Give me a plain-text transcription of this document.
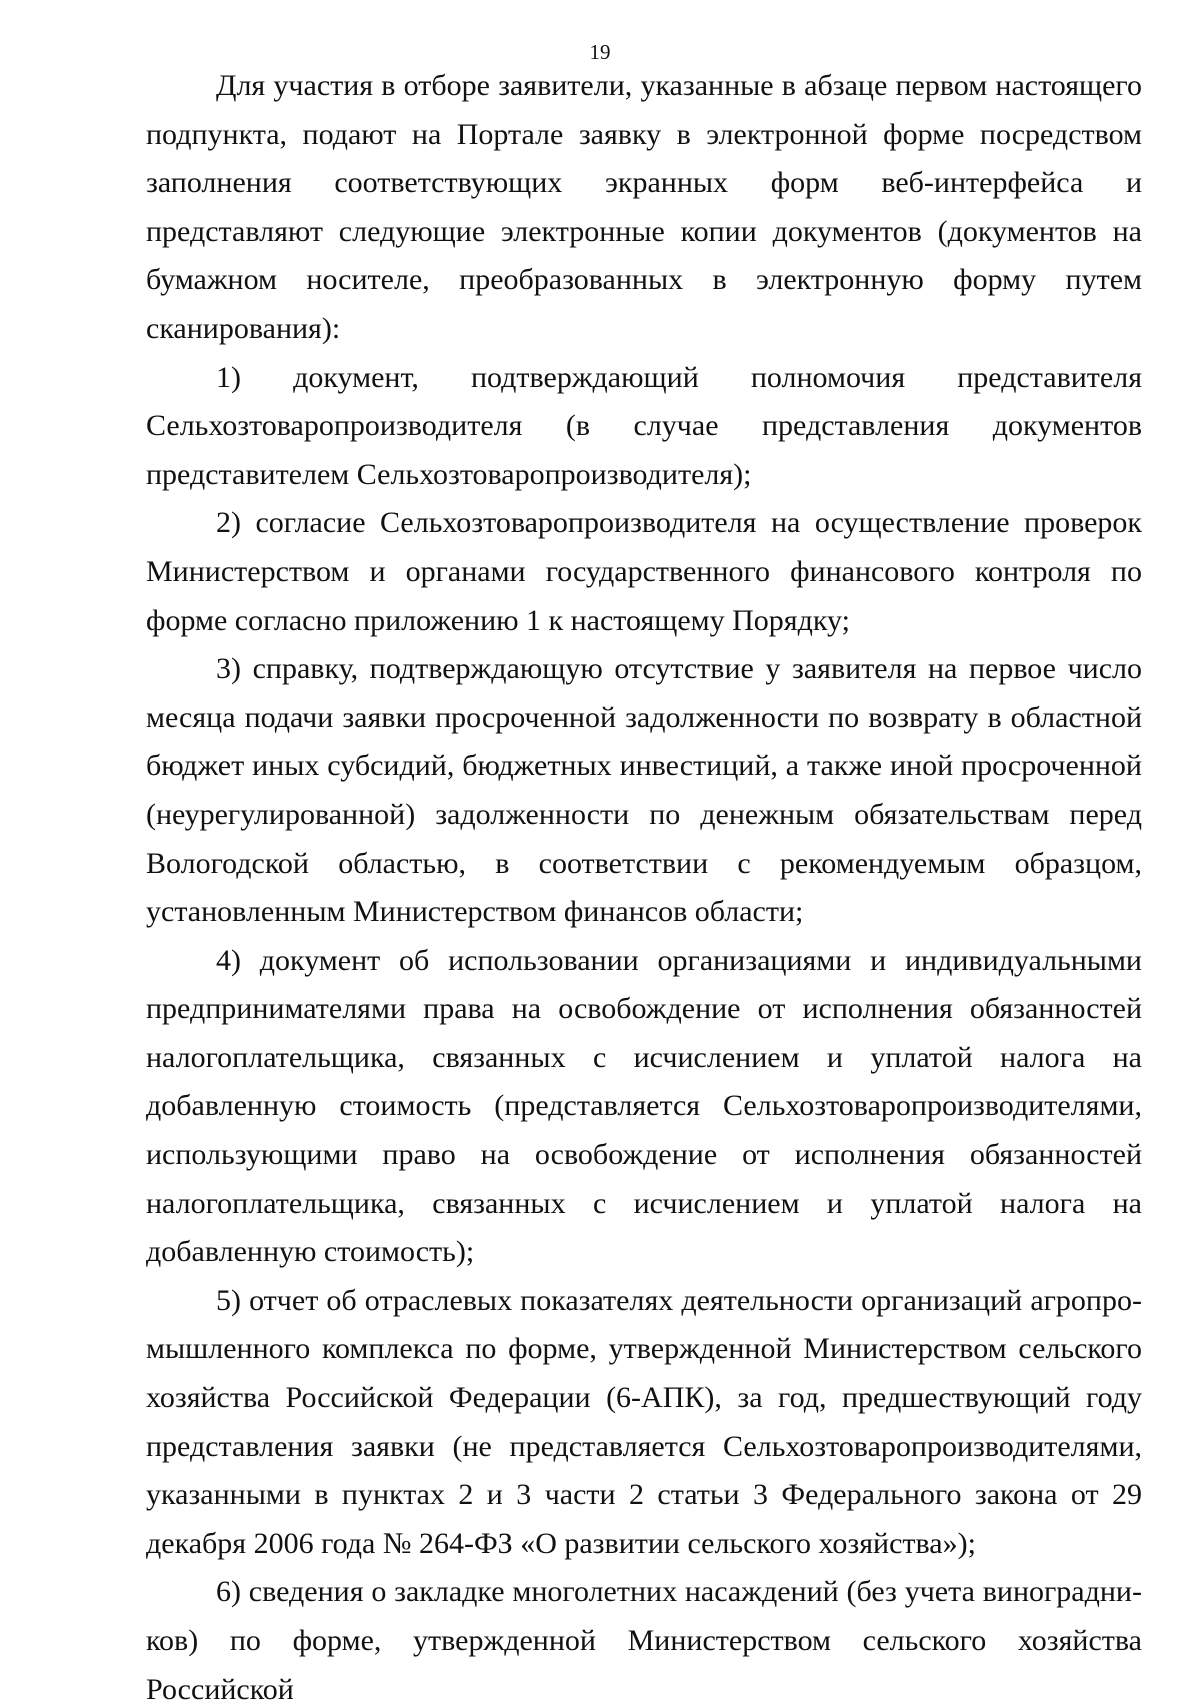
19

Для участия в отборе заявители, указанные в абзаце первом настоящего подпункта, подают на Портале заявку в электронной форме посредством заполнения соответствующих экранных форм веб-интерфейса и представляют следующие электронные копии документов (документов на бумажном носителе, преобразованных в электронную форму путем сканирования):

1) документ, подтверждающий полномочия представителя Сельхозтоваропроизводителя (в случае представления документов представителем Сельхозтоваропроизводителя);

2) согласие Сельхозтоваропроизводителя на осуществление проверок Министерством и органами государственного финансового контроля по форме согласно приложению 1 к настоящему Порядку;

3) справку, подтверждающую отсутствие у заявителя на первое число месяца подачи заявки просроченной задолженности по возврату в областной бюджет иных субсидий, бюджетных инвестиций, а также иной просроченной (неурегулированной) задолженности по денежным обязательствам перед Вологодской областью, в соответствии с рекомендуемым образцом, установленным Министерством финансов области;

4) документ об использовании организациями и индивидуальными предпринимателями права на освобождение от исполнения обязанностей налогоплательщика, связанных с исчислением и уплатой налога на добавленную стоимость (представляется Сельхозтоваропроизводителями, использующими право на освобождение от исполнения обязанностей налогоплательщика, связанных с исчислением и уплатой налога на добавленную стоимость);

5) отчет об отраслевых показателях деятельности организаций агропромышленного комплекса по форме, утвержденной Министерством сельского хозяйства Российской Федерации (6-АПК), за год, предшествующий году представления заявки (не представляется Сельхозтоваропроизводителями, указанными в пунктах 2 и 3 части 2 статьи 3 Федерального закона от 29 декабря 2006 года № 264-ФЗ «О развитии сельского хозяйства»);

6) сведения о закладке многолетних насаждений (без учета виноградников) по форме, утвержденной Министерством сельского хозяйства Российской
